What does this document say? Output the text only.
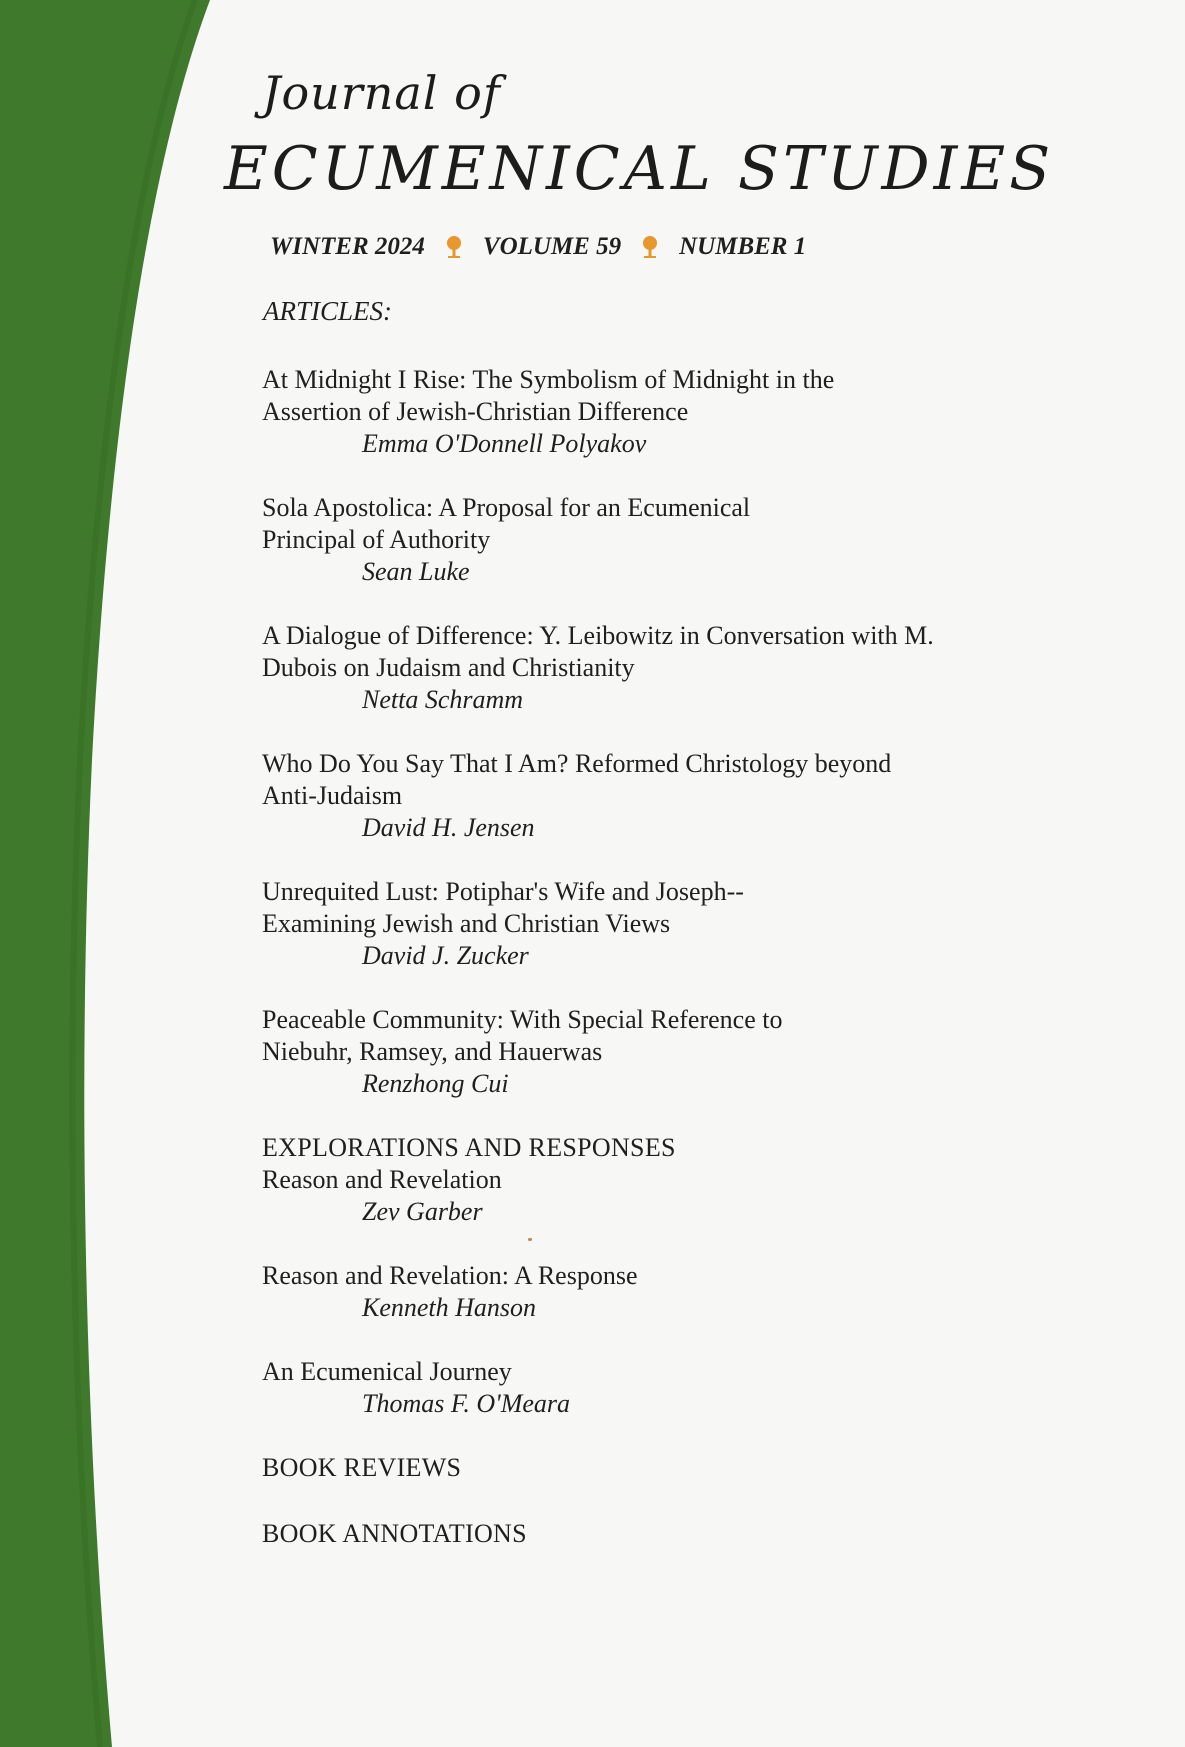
Journal of
ECUMENICAL STUDIES
WINTER 2024 VOLUME 59 NUMBER 1
ARTICLES:
At Midnight I Rise: The Symbolism of Midnight in the Assertion of Jewish-Christian Difference
Emma O'Donnell Polyakov
Sola Apostolica: A Proposal for an Ecumenical Principal of Authority
Sean Luke
A Dialogue of Difference: Y. Leibowitz in Conversation with M. Dubois on Judaism and Christianity
Netta Schramm
Who Do You Say That I Am? Reformed Christology beyond Anti-Judaism
David H. Jensen
Unrequited Lust: Potiphar's Wife and Joseph-- Examining Jewish and Christian Views
David J. Zucker
Peaceable Community: With Special Reference to Niebuhr, Ramsey, and Hauerwas
Renzhong Cui
EXPLORATIONS AND RESPONSES
Reason and Revelation
Zev Garber
Reason and Revelation: A Response
Kenneth Hanson
An Ecumenical Journey
Thomas F. O'Meara
BOOK REVIEWS
BOOK ANNOTATIONS
